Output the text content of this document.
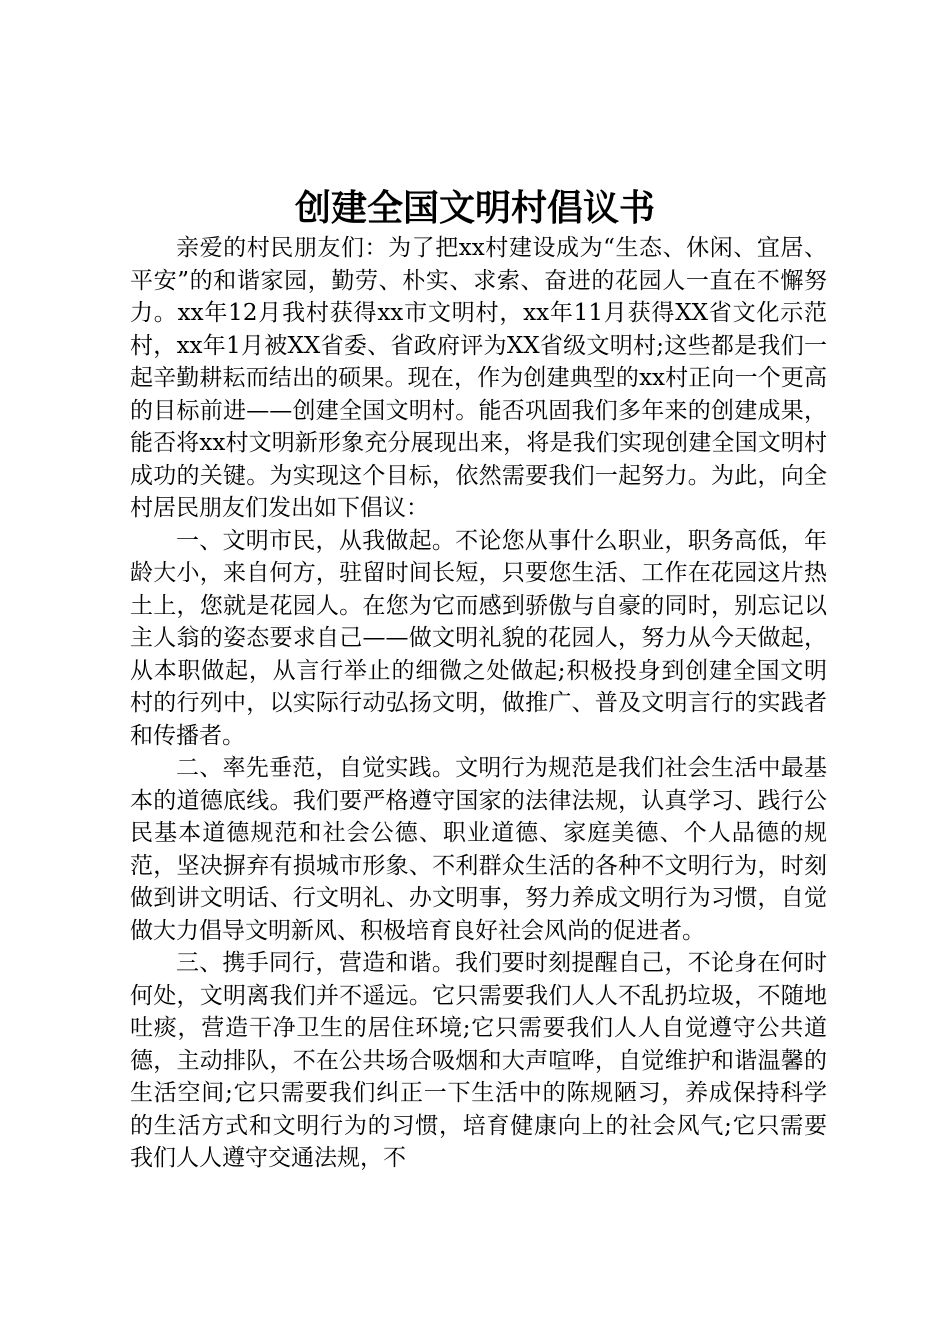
创建全国文明村倡议书

亲爱的村民朋友们：为了把xx村建设成为“生态、休闲、宜居、平安”的和谐家园，勤劳、朴实、求索、奋进的花园人一直在不懈努力。xx年12月我村获得xx市文明村，xx年11月获得XX省文化示范村，xx年1月被XX省委、省政府评为XX省级文明村;这些都是我们一起辛勤耕耘而结出的硕果。现在，作为创建典型的xx村正向一个更高的目标前进——创建全国文明村。能否巩固我们多年来的创建成果，能否将xx村文明新形象充分展现出来，将是我们实现创建全国文明村成功的关键。为实现这个目标，依然需要我们一起努力。为此，向全村居民朋友们发出如下倡议：

一、文明市民，从我做起。不论您从事什么职业，职务高低，年龄大小，来自何方，驻留时间长短，只要您生活、工作在花园这片热土上，您就是花园人。在您为它而感到骄傲与自豪的同时，别忘记以主人翁的姿态要求自己——做文明礼貌的花园人，努力从今天做起，从本职做起，从言行举止的细微之处做起;积极投身到创建全国文明村的行列中，以实际行动弘扬文明，做推广、普及文明言行的实践者和传播者。

二、率先垂范，自觉实践。文明行为规范是我们社会生活中最基本的道德底线。我们要严格遵守国家的法律法规，认真学习、践行公民基本道德规范和社会公德、职业道德、家庭美德、个人品德的规范，坚决摒弃有损城市形象、不利群众生活的各种不文明行为，时刻做到讲文明话、行文明礼、办文明事，努力养成文明行为习惯，自觉做大力倡导文明新风、积极培育良好社会风尚的促进者。

三、携手同行，营造和谐。我们要时刻提醒自己，不论身在何时何处，文明离我们并不遥远。它只需要我们人人不乱扔垃圾，不随地吐痰，营造干净卫生的居住环境;它只需要我们人人自觉遵守公共道德，主动排队，不在公共场合吸烟和大声喧哗，自觉维护和谐温馨的生活空间;它只需要我们纠正一下生活中的陈规陋习，养成保持科学的生活方式和文明行为的习惯，培育健康向上的社会风气;它只需要我们人人遵守交通法规，不
